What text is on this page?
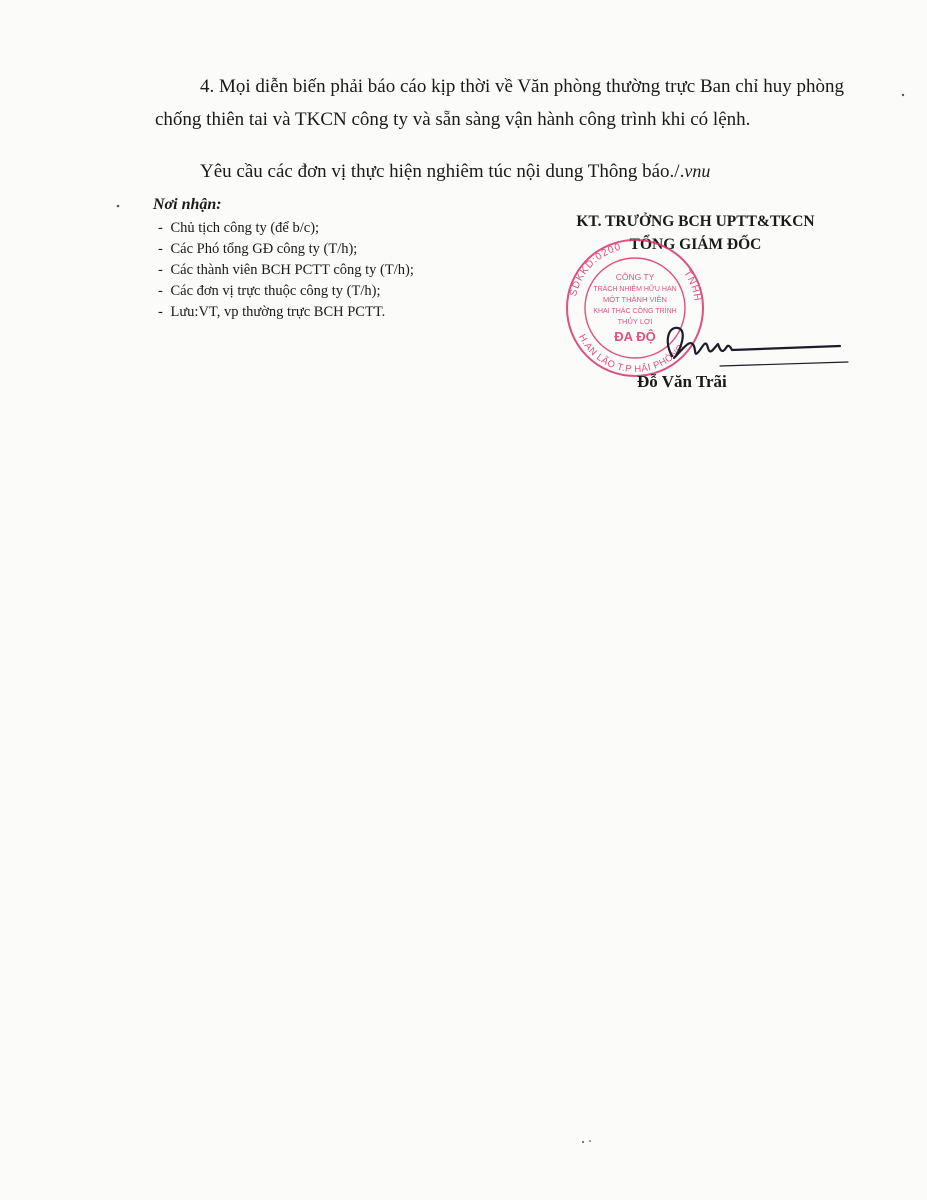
4. Mọi diễn biến phải báo cáo kịp thời về Văn phòng thường trực Ban chỉ huy phòng chống thiên tai và TKCN công ty và sẵn sàng vận hành công trình khi có lệnh.

Yêu cầu các đơn vị thực hiện nghiêm túc nội dung Thông báo./.vnu

Nơi nhận:
- Chủ tịch công ty (để b/c);
- Các Phó tổng GĐ công ty (T/h);
- Các thành viên BCH PCTT công ty (T/h);
- Các đơn vị trực thuộc công ty (T/h);
- Lưu:VT, vp thường trực BCH PCTT.
KT. TRƯỞNG BCH UPTT&TKCN
TỔNG GIÁM ĐỐC
SDKKD:0200
TNHH
H.AN LÃO T.P HẢI PHÒNG
CÔNG TY
TRÁCH NHIỆM HỮU HẠN
MỘT THÀNH VIÊN
KHAI THÁC CÔNG TRÌNH
THỦY LỢI
ĐA ĐỘ
Đỗ Văn Trãi
